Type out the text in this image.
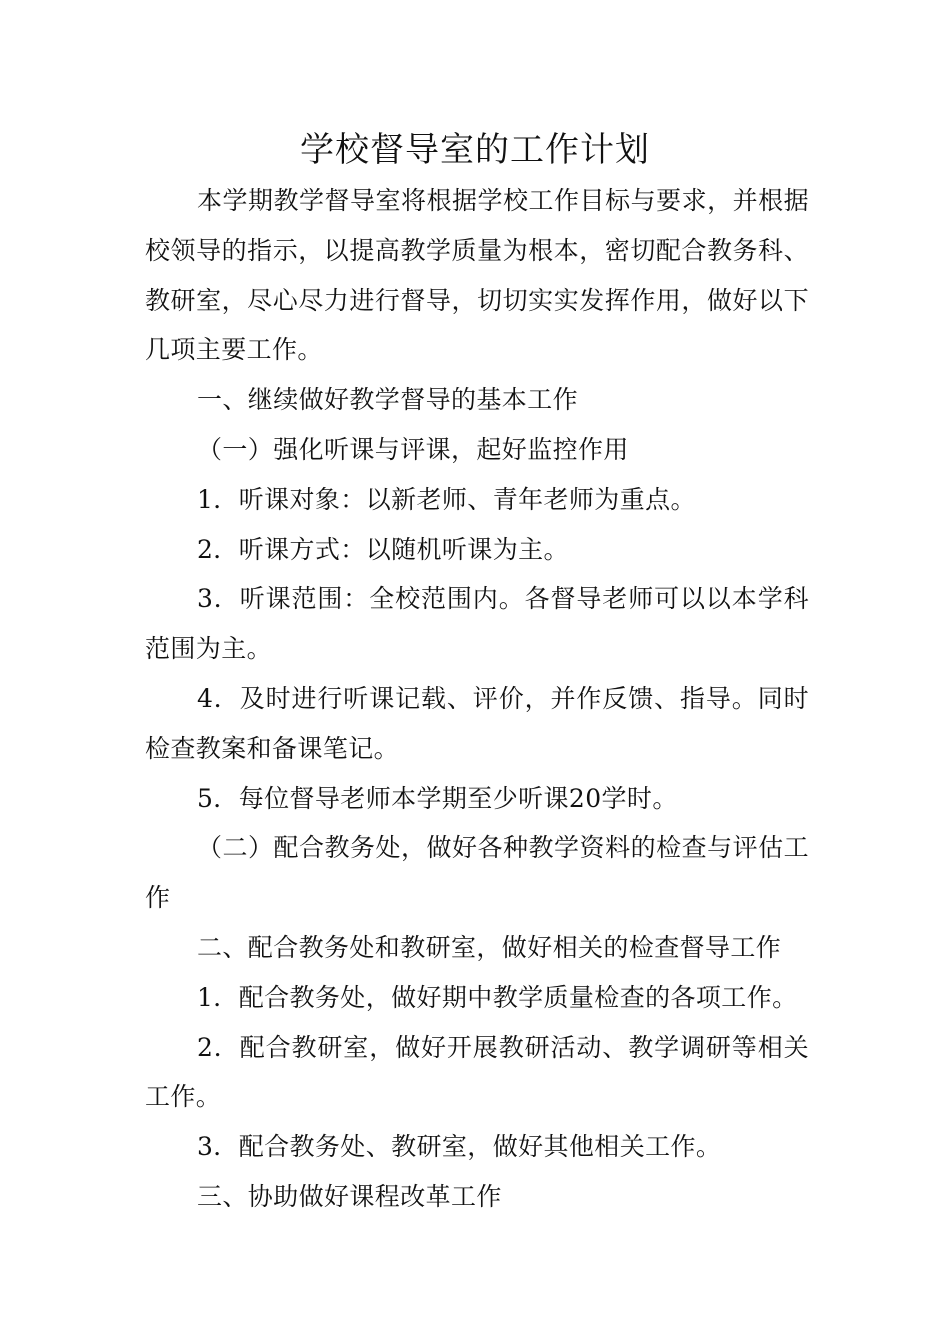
学校督导室的工作计划

本学期教学督导室将根据学校工作目标与要求，并根据校领导的指示，以提高教学质量为根本，密切配合教务科、教研室，尽心尽力进行督导，切切实实发挥作用，做好以下几项主要工作。

一、继续做好教学督导的基本工作

（一）强化听课与评课，起好监控作用

1．听课对象：以新老师、青年老师为重点。

2．听课方式：以随机听课为主。

3．听课范围：全校范围内。各督导老师可以以本学科范围为主。

4．及时进行听课记载、评价，并作反馈、指导。同时检查教案和备课笔记。

5．每位督导老师本学期至少听课20学时。

（二）配合教务处，做好各种教学资料的检查与评估工作

二、配合教务处和教研室，做好相关的检查督导工作

1．配合教务处，做好期中教学质量检查的各项工作。

2．配合教研室，做好开展教研活动、教学调研等相关工作。

3．配合教务处、教研室，做好其他相关工作。

三、协助做好课程改革工作
